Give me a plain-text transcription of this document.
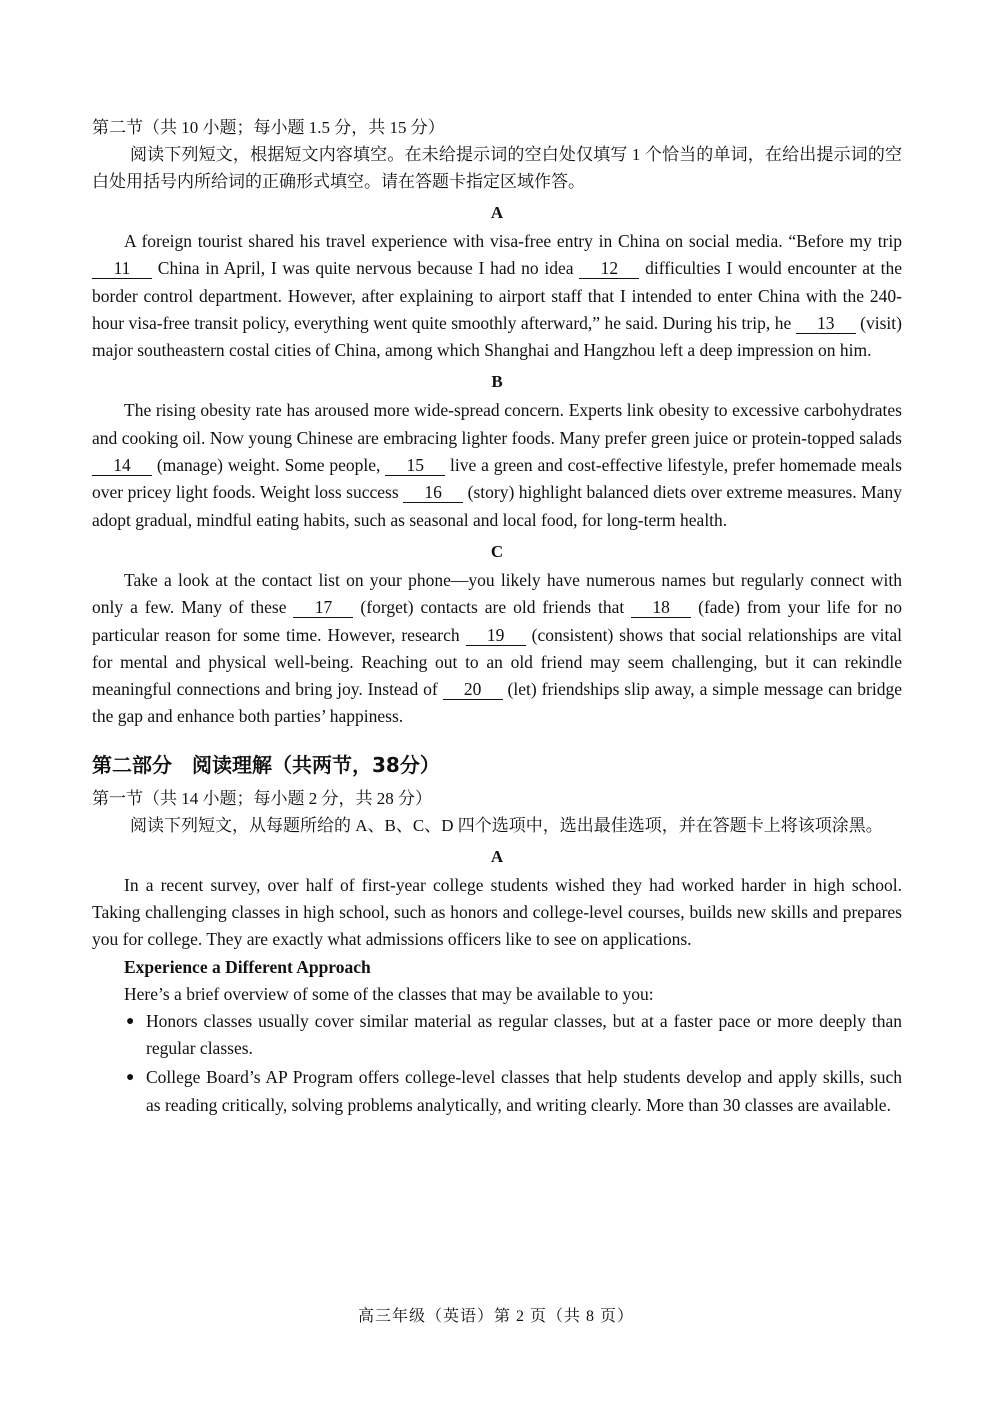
第二节（共 10 小题；每小题 1.5 分，共 15 分）

阅读下列短文，根据短文内容填空。在未给提示词的空白处仅填写 1 个恰当的单词，在给出提示词的空白处用括号内所给词的正确形式填空。请在答题卡指定区域作答。

A

A foreign tourist shared his travel experience with visa-free entry in China on social media. “Before my trip 11 China in April, I was quite nervous because I had no idea 12 difficulties I would encounter at the border control department. However, after explaining to airport staff that I intended to enter China with the 240-hour visa-free transit policy, everything went quite smoothly afterward,” he said. During his trip, he 13 (visit) major southeastern costal cities of China, among which Shanghai and Hangzhou left a deep impression on him.

B

The rising obesity rate has aroused more wide-spread concern. Experts link obesity to excessive carbohydrates and cooking oil. Now young Chinese are embracing lighter foods. Many prefer green juice or protein-topped salads 14 (manage) weight. Some people, 15 live a green and cost-effective lifestyle, prefer homemade meals over pricey light foods. Weight loss success 16 (story) highlight balanced diets over extreme measures. Many adopt gradual, mindful eating habits, such as seasonal and local food, for long-term health.

C

Take a look at the contact list on your phone—you likely have numerous names but regularly connect with only a few. Many of these 17 (forget) contacts are old friends that 18 (fade) from your life for no particular reason for some time. However, research 19 (consistent) shows that social relationships are vital for mental and physical well-being. Reaching out to an old friend may seem challenging, but it can rekindle meaningful connections and bring joy. Instead of 20 (let) friendships slip away, a simple message can bridge the gap and enhance both parties’ happiness.

第二部分　阅读理解（共两节，38分）

第一节（共 14 小题；每小题 2 分，共 28 分）

阅读下列短文，从每题所给的 A、B、C、D 四个选项中，选出最佳选项，并在答题卡上将该项涂黑。

A

In a recent survey, over half of first-year college students wished they had worked harder in high school. Taking challenging classes in high school, such as honors and college-level courses, builds new skills and prepares you for college. They are exactly what admissions officers like to see on applications.

Experience a Different Approach

Here’s a brief overview of some of the classes that may be available to you:

● Honors classes usually cover similar material as regular classes, but at a faster pace or more deeply than regular classes.
● College Board’s AP Program offers college-level classes that help students develop and apply skills, such as reading critically, solving problems analytically, and writing clearly. More than 30 classes are available.
高三年级（英语）第 2 页（共 8 页）
